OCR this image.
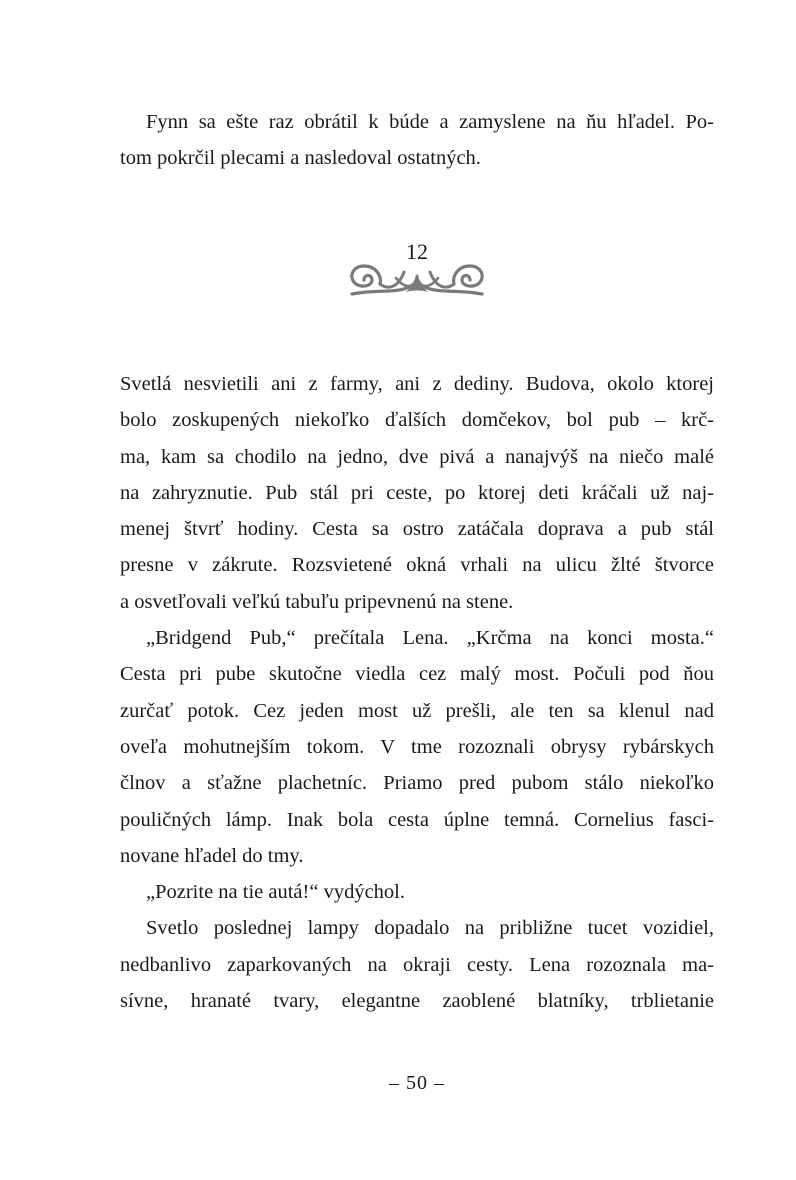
Fynn sa ešte raz obrátil k búde a zamyslene na ňu hľadel. Po-
tom pokrčil plecami a nasledoval ostatných.
12
Svetlá nesvietili ani z farmy, ani z dediny. Budova, okolo ktorej
bolo zoskupených niekoľko ďalších domčekov, bol pub – krč-
ma, kam sa chodilo na jedno, dve pivá a nanajvýš na niečo malé
na zahryznutie. Pub stál pri ceste, po ktorej deti kráčali už naj-
menej štvrť hodiny. Cesta sa ostro zatáčala doprava a pub stál
presne v zákrute. Rozsvietené okná vrhali na ulicu žlté štvorce
a osvetľovali veľkú tabuľu pripevnenú na stene.
„Bridgend Pub,“ prečítala Lena. „Krčma na konci mosta.“
Cesta pri pube skutočne viedla cez malý most. Počuli pod ňou
zurčať potok. Cez jeden most už prešli, ale ten sa klenul nad
oveľa mohutnejším tokom. V tme rozoznali obrysy rybárskych
člnov a sťažne plachetníc. Priamo pred pubom stálo niekoľko
pouličných lámp. Inak bola cesta úplne temná. Cornelius fasci-
novane hľadel do tmy.
„Pozrite na tie autá!“ vydýchol.
Svetlo poslednej lampy dopadalo na približne tucet vozidiel,
nedbanlivo zaparkovaných na okraji cesty. Lena rozoznala ma-
sívne, hranaté tvary, elegantne zaoblené blatníky, trblietanie
– 50 –
